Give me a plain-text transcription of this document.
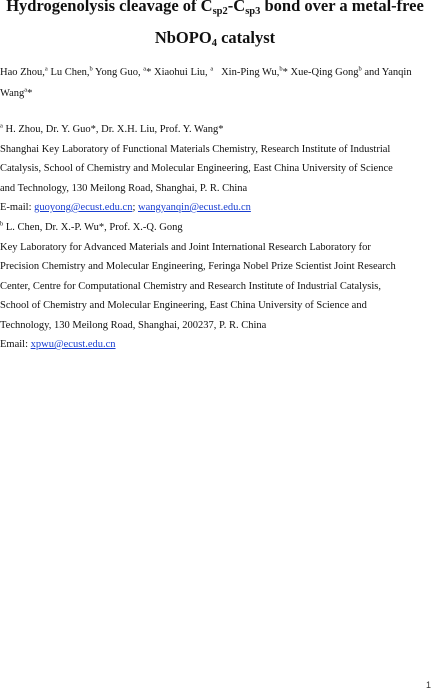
Hydrogenolysis cleavage of $C_{sp2}-C_{sp3}$ bond over a metal-free
NbOPO$_4$ catalyst
Hao Zhou,$^a$ Lu Chen,$^b$ Yong Guo, $^a$* Xiaohui Liu, $^a$   Xin-Ping Wu,$^b$* Xue-Qing Gong$^b$ and Yanqin
Wang$^a$*
$^a$ H. Zhou, Dr. Y. Guo*, Dr. X.H. Liu, Prof. Y. Wang*
Shanghai Key Laboratory of Functional Materials Chemistry, Research Institute of Industrial
Catalysis, School of Chemistry and Molecular Engineering, East China University of Science
and Technology, 130 Meilong Road, Shanghai, P. R. China
E-mail: guoyong@ecust.edu.cn; wangyanqin@ecust.edu.cn
$^b$ L. Chen, Dr. X.-P. Wu*, Prof. X.-Q. Gong
Key Laboratory for Advanced Materials and Joint International Research Laboratory for
Precision Chemistry and Molecular Engineering, Feringa Nobel Prize Scientist Joint Research
Center, Centre for Computational Chemistry and Research Institute of Industrial Catalysis,
School of Chemistry and Molecular Engineering, East China University of Science and
Technology, 130 Meilong Road, Shanghai, 200237, P. R. China
Email: xpwu@ecust.edu.cn
1
